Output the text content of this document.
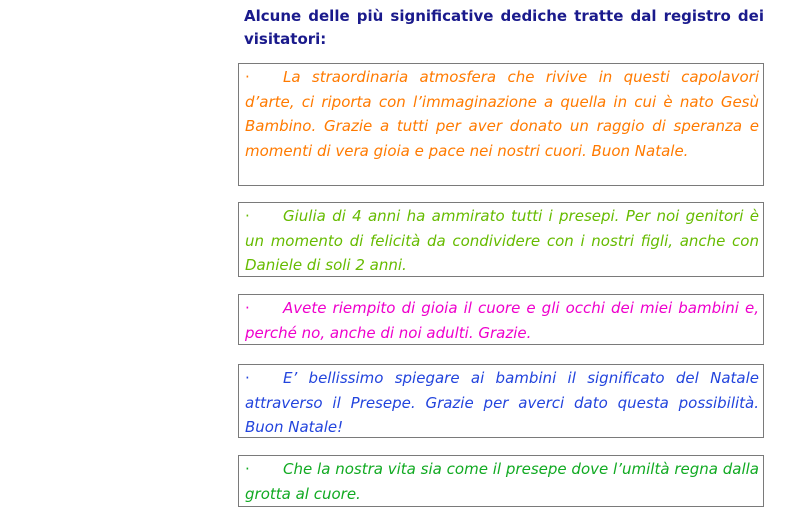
Alcune delle più significative dediche tratte dal registro dei visitatori:
· La straordinaria atmosfera che rivive in questi capolavori d’arte, ci riporta con l’immaginazione a quella in cui è nato Gesù Bambino. Grazie a tutti per aver donato un raggio di speranza e momenti di vera gioia e pace nei nostri cuori. Buon Natale.
· Giulia di 4 anni ha ammirato tutti i presepi. Per noi genitori è un momento di felicità da condividere con i nostri figli, anche con Daniele di soli 2 anni.
· Avete riempito di gioia il cuore e gli occhi dei miei bambini e, perché no, anche di noi adulti. Grazie.
· E’ bellissimo spiegare ai bambini il significato del Natale attraverso il Presepe. Grazie per averci dato questa possibilità. Buon Natale!
· Che la nostra vita sia come il presepe dove l’umiltà regna dalla grotta al cuore.
